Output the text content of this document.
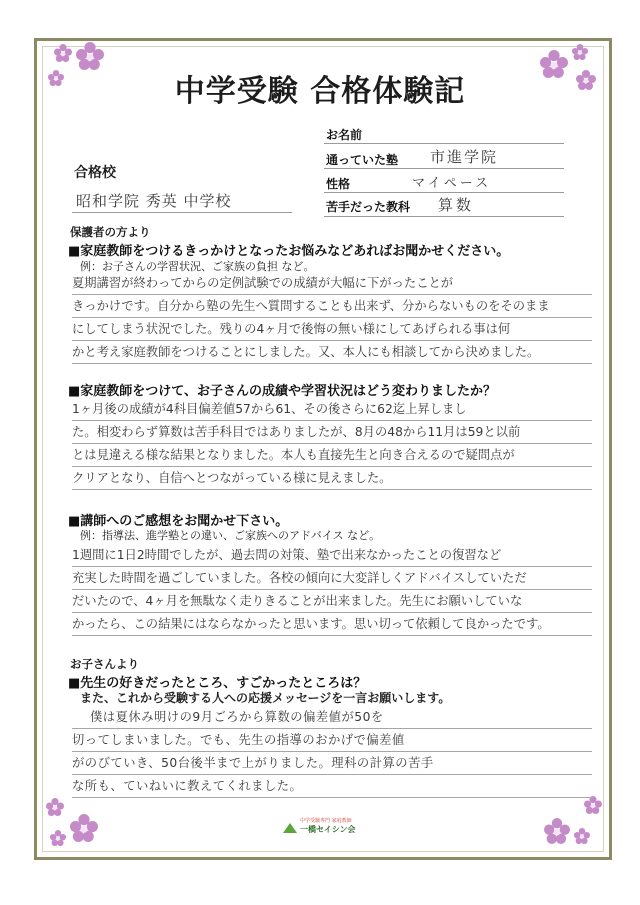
中学受験 合格体験記
お名前
通っていた塾 市進学院
性格	マイペース
苦手だった教科 算数
合格校
昭和学院 秀英 中学校
保護者の方より
■家庭教師をつけるきっかけとなったお悩みなどあればお聞かせください。
例：お子さんの学習状況、ご家族の負担 など。
夏期講習が終わってからの定例試験での成績が大幅に下がったことが
きっかけです。自分から塾の先生へ質問することも出来ず、分からないものをそのまま
にしてしまう状況でした。残りの4ヶ月で後悔の無い様にしてあげられる事は何
かと考え家庭教師をつけることにしました。又、本人にも相談してから決めました。
■家庭教師をつけて、お子さんの成績や学習状況はどう変わりましたか？
1ヶ月後の成績が4科目偏差値57から61、その後さらに62迄上昇しまし
た。相変わらず算数は苦手科目ではありましたが、8月の48から11月は59と以前
とは見違える様な結果となりました。本人も直接先生と向き合えるので疑問点が
クリアとなり、自信へとつながっている様に見えました。
■講師へのご感想をお聞かせ下さい。
例：指導法、進学塾との違い、ご家族へのアドバイス など。
1週間に1日2時間でしたが、過去問の対策、塾で出来なかったことの復習など
充実した時間を過ごしていました。各校の傾向に大変詳しくアドバイスしていただ
だいたので、4ヶ月を無駄なく走りきることが出来ました。先生にお願いしていな
かったら、この結果にはならなかったと思います。思い切って依頼して良かったです。
お子さんより
■先生の好きだったところ、すごかったところは？
また、これから受験する人への応援メッセージを一言お願いします。
僕は夏休み明けの9月ごろから算数の偏差値が50を
切ってしまいました。でも、先生の指導のおかげで偏差値
がのびていき、50台後半まで上がりました。理科の計算の苦手
な所も、ていねいに教えてくれました。
中学受験専門 家庭教師
一橋セイシン会
